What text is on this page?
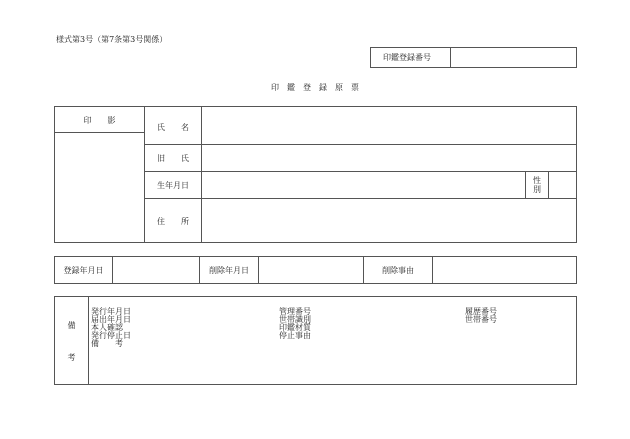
様式第3号（第7条第3号関係）
印鑑登録番号
印　鑑　登　録　原　票
印　　影
氏　　名
旧　　氏
生年月日
住　　所
性
別
登録年月日	削除年月日	削除事由
備
考
発行年月日
届出年月日
本人確認
発行停止日
備　　考
管理番号
世帯識別
印鑑材質
停止事由
履歴番号
世帯番号
